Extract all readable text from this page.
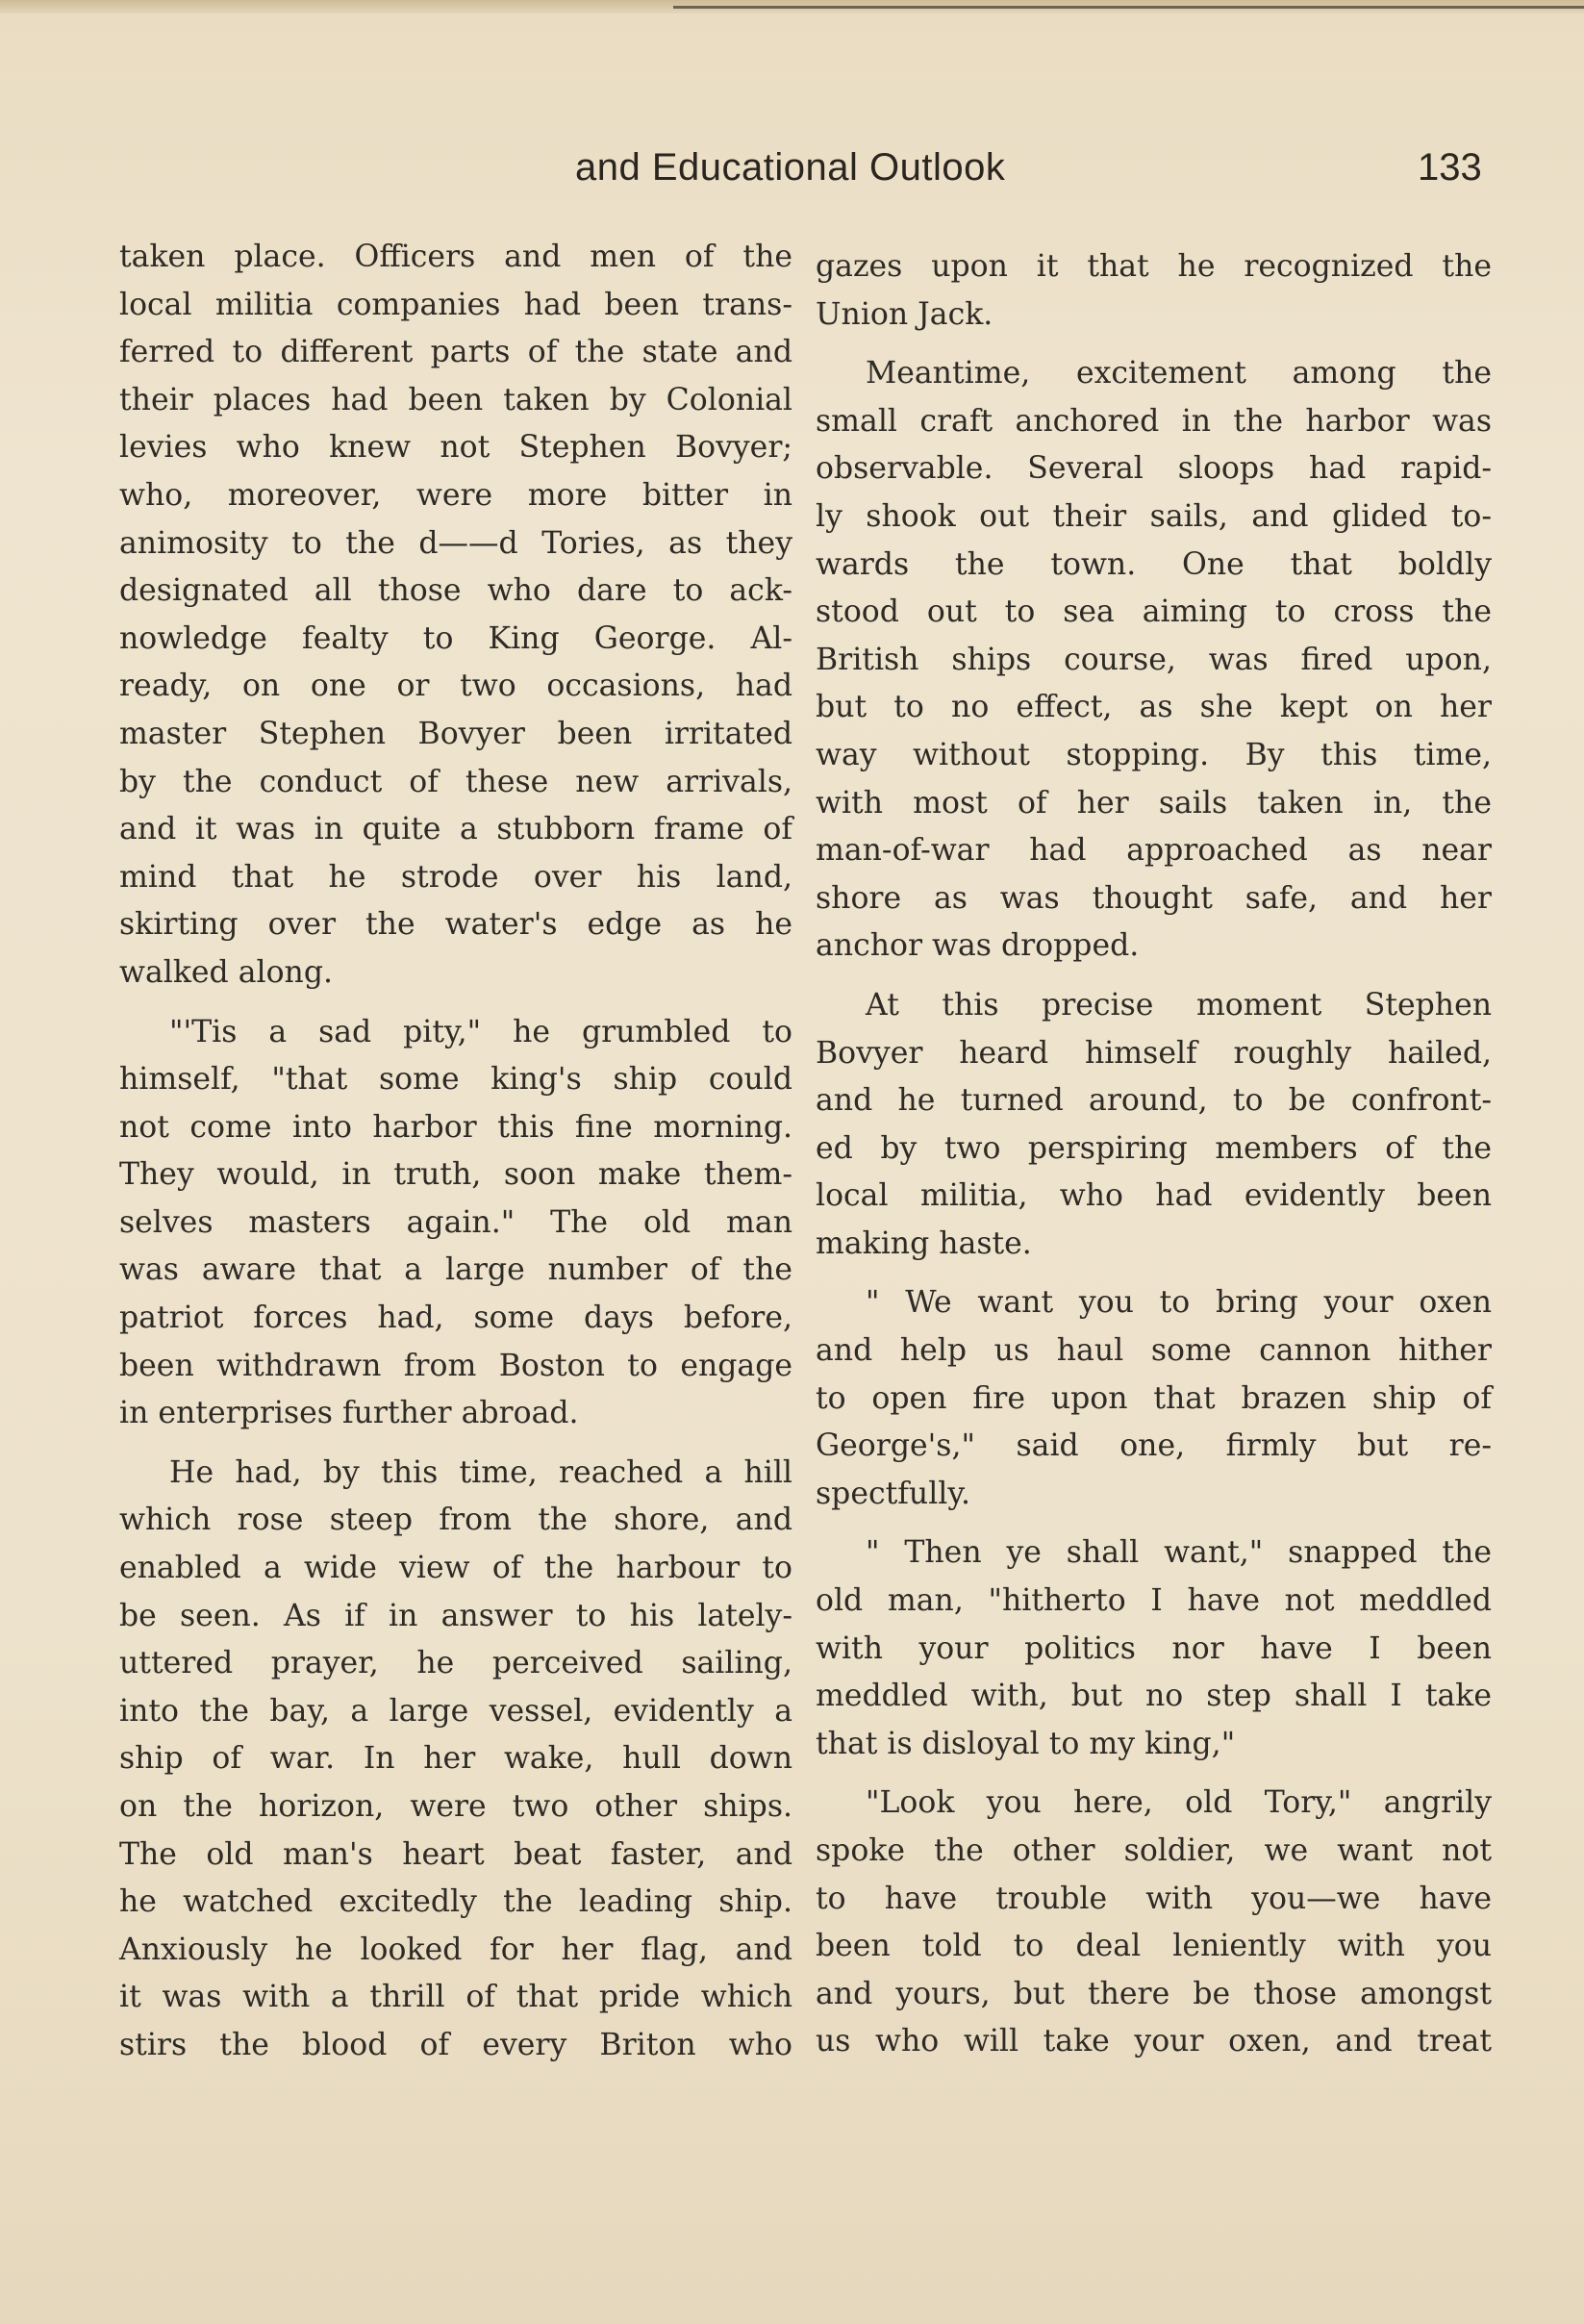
and Educational Outlook	133

taken place. Officers and men of the

local militia companies had been trans-

ferred to different parts of the state and

their places had been taken by Colonial

levies who knew not Stephen Bovyer;

who, moreover, were more bitter in

animosity to the d——d Tories, as they

designated all those who dare to ack-

nowledge fealty to King George. Al-

ready, on one or two occasions, had

master Stephen Bovyer been irritated

by the conduct of these new arrivals,

and it was in quite a stubborn frame of

mind that he strode over his land,

skirting over the water's edge as he

walked along.

"'Tis a sad pity," he grumbled to

himself, "that some king's ship could

not come into harbor this fine morning.

They would, in truth, soon make them-

selves masters again." The old man

was aware that a large number of the

patriot forces had, some days before,

been withdrawn from Boston to engage

in enterprises further abroad.

He had, by this time, reached a hill

which rose steep from the shore, and

enabled a wide view of the harbour to

be seen. As if in answer to his lately-

uttered prayer, he perceived sailing,

into the bay, a large vessel, evidently a

ship of war. In her wake, hull down

on the horizon, were two other ships.

The old man's heart beat faster, and

he watched excitedly the leading ship.

Anxiously he looked for her flag, and

it was with a thrill of that pride which

stirs the blood of every Briton who

gazes upon it that he recognized the

Union Jack.

Meantime, excitement among the

small craft anchored in the harbor was

observable. Several sloops had rapid-

ly shook out their sails, and glided to-

wards the town. One that boldly

stood out to sea aiming to cross the

British ships course, was fired upon,

but to no effect, as she kept on her

way without stopping. By this time,

with most of her sails taken in, the

man-of-war had approached as near

shore as was thought safe, and her

anchor was dropped.

At this precise moment Stephen

Bovyer heard himself roughly hailed,

and he turned around, to be confront-

ed by two perspiring members of the

local militia, who had evidently been

making haste.

" We want you to bring your oxen

and help us haul some cannon hither

to open fire upon that brazen ship of

George's," said one, firmly but re-

spectfully.

" Then ye shall want," snapped the

old man, "hitherto I have not meddled

with your politics nor have I been

meddled with, but no step shall I take

that is disloyal to my king,"

"Look you here, old Tory," angrily

spoke the other soldier, we want not

to have trouble with you—we have

been told to deal leniently with you

and yours, but there be those amongst

us who will take your oxen, and treat
